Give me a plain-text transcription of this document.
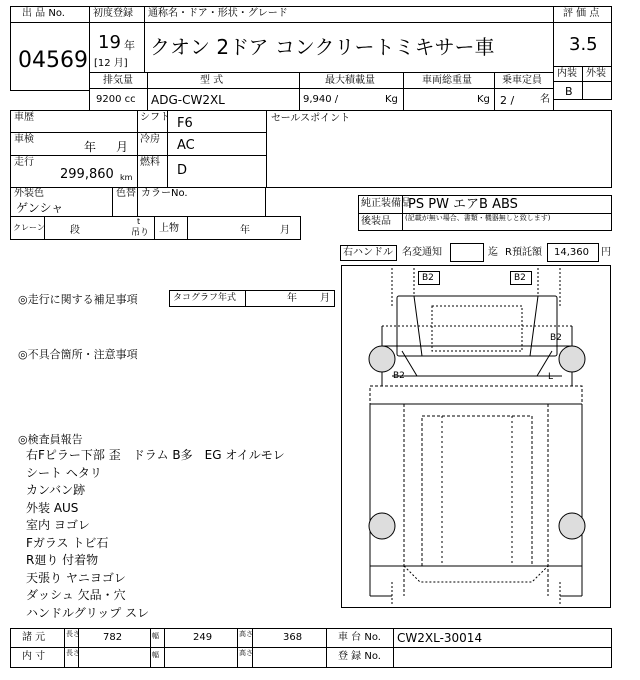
出 品 No.
04569
初度登録
19 年
[12 月]
通称名・ドア・形状・グレード
クオン 2ドア コンクリートミキサー車
評 価 点
3.5
内装 外装
B
排気量
9200 cc
型 式
ADG-CW2XL
最大積載量
9,940 /	Kg
車両総重量
Kg
乗車定員
2 /	名
車歴	シフト F6
車検
年 月
冷房 AC
走行
299,860 km
燃料
D
セールスポイント
外装色
ゲンシャ
色替 カラーNo.
純正装備品
PS PW エアB ABS
後装品 (記載が無い場合、書類・機器無しと致します)
クレーン	段
t
吊り 上物	年	月
右ハンドル 名変通知	迄 R預託額 14,360 円
◎走行に関する補足事項	タコグラフ年式	年 月
◎不具合箇所・注意事項
◎検査員報告
右Fピラー下部 歪　ドラム B多　EG オイルモレ
シート ヘタリ
カンバン跡
外装 AUS
室内 ヨゴレ
Fガラス トビ石
R廻り 付着物
天張り ヤニヨゴレ
ダッシュ 欠品・穴
ハンドルグリップ スレ
B2	B2
B2
B2	L
諸 元	長さ 782	幅	249	高さ	368	車 台 No. CW2XL-30014
内 寸	長さ	幅	高さ	登 録 No.
